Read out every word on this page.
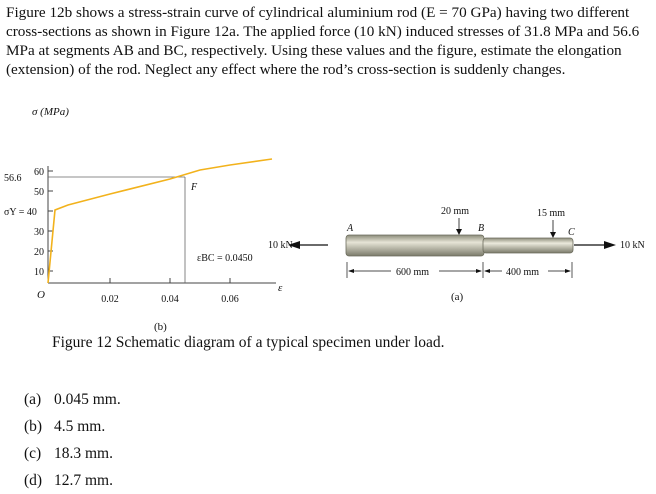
Figure 12b shows a stress-strain curve of cylindrical aluminium rod (E = 70 GPa) having two different cross-sections as shown in Figure 12a. The applied force (10 kN) induced stresses of 31.8 MPa and 56.6 MPa at segments AB and BC, respectively. Using these values and the figure, estimate the elongation (extension) of the rod. Neglect any effect where the rod’s cross-section is suddenly changes.

σ (MPa)
60
50
30
20
10
σY = 40
56.6
0.02	0.04	0.06
O
ε
F
εBC = 0.0450
(b)
10 kN	10 kN
A	B	C
20 mm	15 mm
600 mm	400 mm
(a)

Figure 12 Schematic diagram of a typical specimen under load.

(a) 0.045 mm.
(b) 4.5 mm.
(c) 18.3 mm.
(d) 12.7 mm.
